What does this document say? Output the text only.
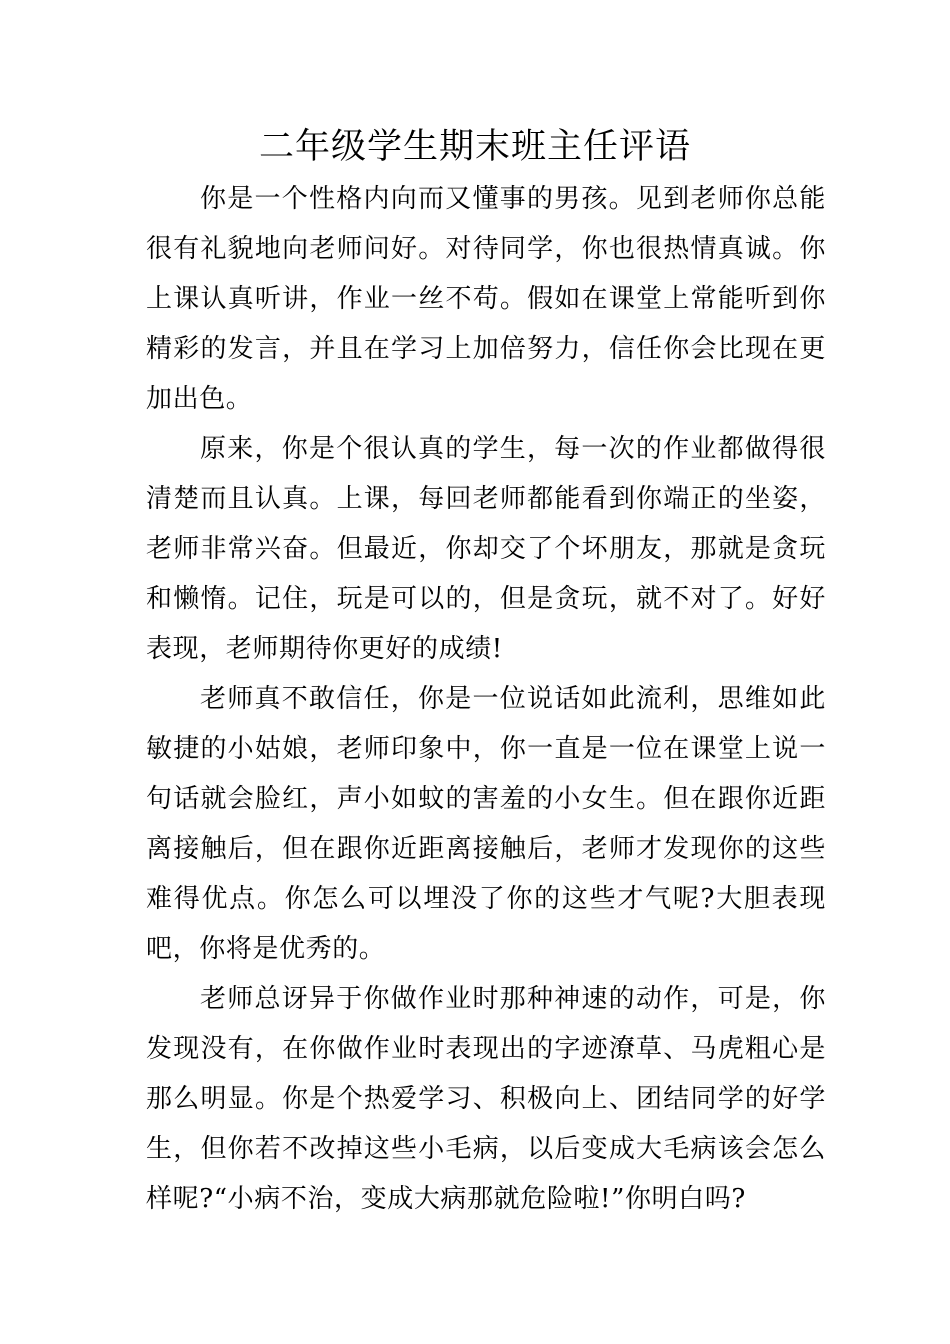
二年级学生期末班主任评语

你是一个性格内向而又懂事的男孩。见到老师你总能很有礼貌地向老师问好。对待同学，你也很热情真诚。你上课认真听讲，作业一丝不苟。假如在课堂上常能听到你精彩的发言，并且在学习上加倍努力，信任你会比现在更加出色。

原来，你是个很认真的学生，每一次的作业都做得很清楚而且认真。上课，每回老师都能看到你端正的坐姿，老师非常兴奋。但最近，你却交了个坏朋友，那就是贪玩和懒惰。记住，玩是可以的，但是贪玩，就不对了。好好表现，老师期待你更好的成绩!

老师真不敢信任，你是一位说话如此流利，思维如此敏捷的小姑娘，老师印象中，你一直是一位在课堂上说一句话就会脸红，声小如蚊的害羞的小女生。但在跟你近距离接触后，但在跟你近距离接触后，老师才发现你的这些难得优点。你怎么可以埋没了你的这些才气呢?大胆表现吧，你将是优秀的。

老师总讶异于你做作业时那种神速的动作，可是，你发现没有，在你做作业时表现出的字迹潦草、马虎粗心是那么明显。你是个热爱学习、积极向上、团结同学的好学生，但你若不改掉这些小毛病，以后变成大毛病该会怎么样呢?“小病不治，变成大病那就危险啦!”你明白吗?
